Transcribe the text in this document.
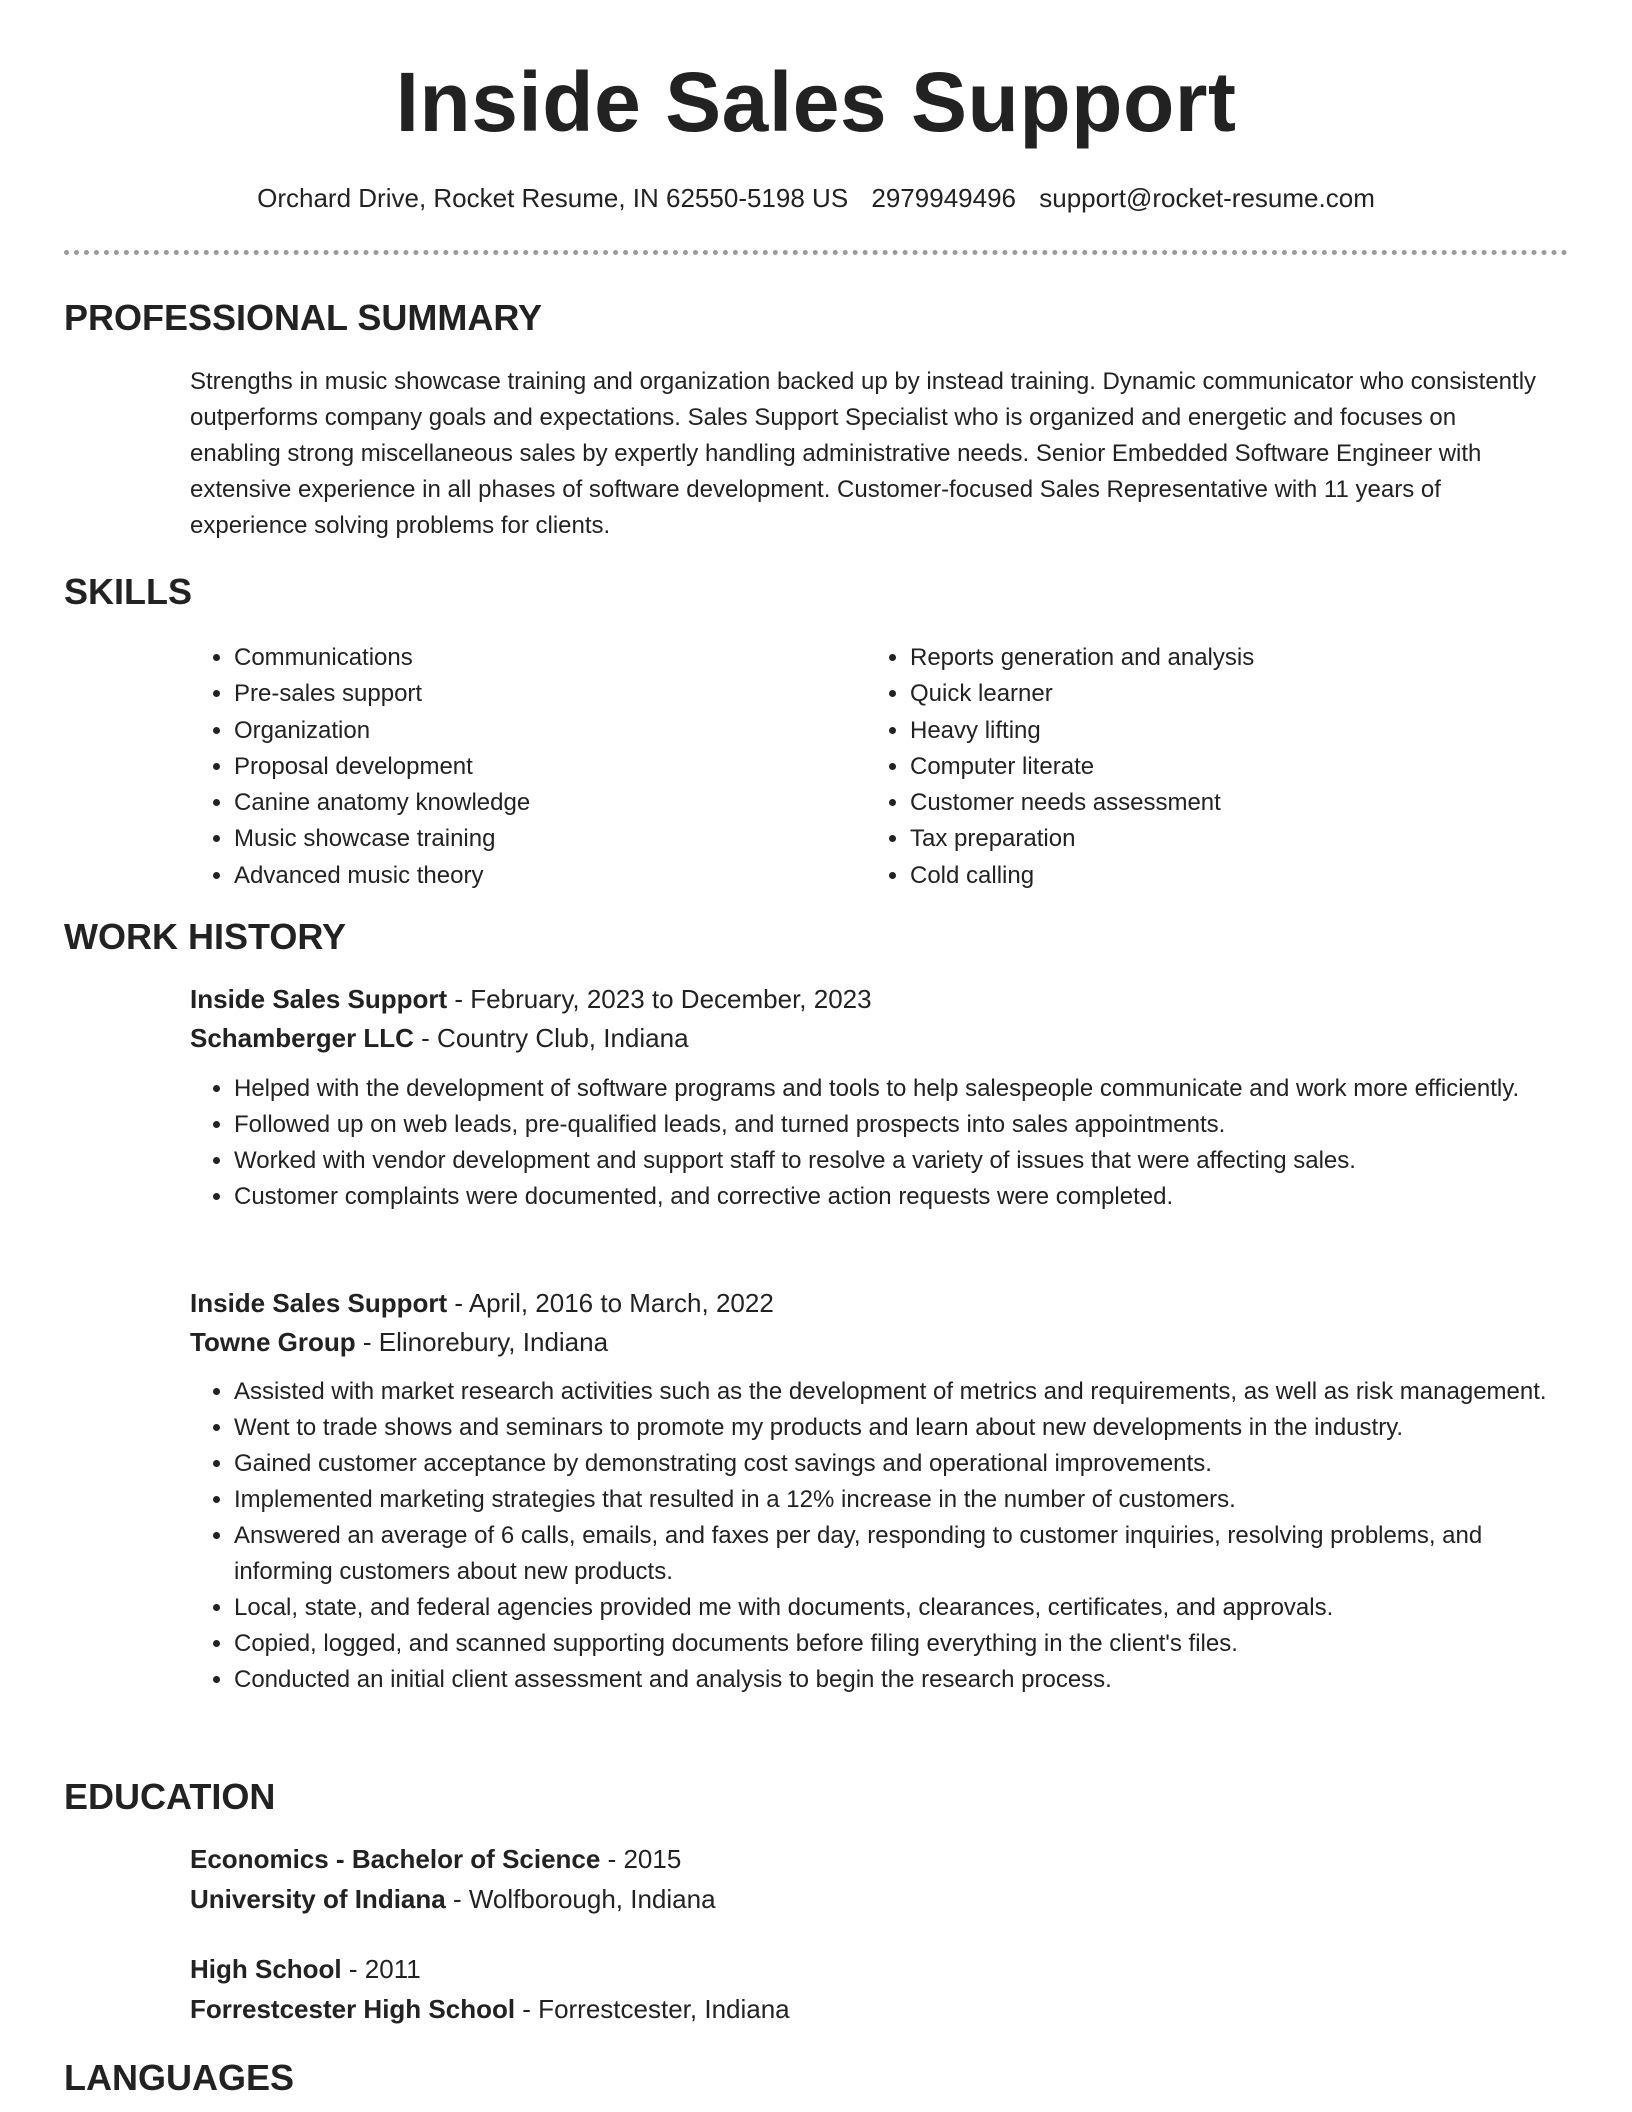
Inside Sales Support
Orchard Drive, Rocket Resume, IN 62550-5198 US 2979949496 support@rocket-resume.com
PROFESSIONAL SUMMARY

Strengths in music showcase training and organization backed up by instead training. Dynamic communicator who consistently outperforms company goals and expectations. Sales Support Specialist who is organized and energetic and focuses on enabling strong miscellaneous sales by expertly handling administrative needs. Senior Embedded Software Engineer with extensive experience in all phases of software development. Customer-focused Sales Representative with 11 years of experience solving problems for clients.

SKILLS
• Communications
• Pre-sales support
• Organization
• Proposal development
• Canine anatomy knowledge
• Music showcase training
• Advanced music theory
• Reports generation and analysis
• Quick learner
• Heavy lifting
• Computer literate
• Customer needs assessment
• Tax preparation
• Cold calling
WORK HISTORY

Inside Sales Support - February, 2023 to December, 2023

Schamberger LLC - Country Club, Indiana

• Helped with the development of software programs and tools to help salespeople communicate and work more efficiently.
• Followed up on web leads, pre-qualified leads, and turned prospects into sales appointments.
• Worked with vendor development and support staff to resolve a variety of issues that were affecting sales.
• Customer complaints were documented, and corrective action requests were completed.

Inside Sales Support - April, 2016 to March, 2022

Towne Group - Elinorebury, Indiana

• Assisted with market research activities such as the development of metrics and requirements, as well as risk management.
• Went to trade shows and seminars to promote my products and learn about new developments in the industry.
• Gained customer acceptance by demonstrating cost savings and operational improvements.
• Implemented marketing strategies that resulted in a 12% increase in the number of customers.
• Answered an average of 6 calls, emails, and faxes per day, responding to customer inquiries, resolving problems, and informing customers about new products.
• Local, state, and federal agencies provided me with documents, clearances, certificates, and approvals.
• Copied, logged, and scanned supporting documents before filing everything in the client's files.
• Conducted an initial client assessment and analysis to begin the research process.
EDUCATION

Economics - Bachelor of Science - 2015

University of Indiana - Wolfborough, Indiana

High School - 2011

Forrestcester High School - Forrestcester, Indiana

LANGUAGES
